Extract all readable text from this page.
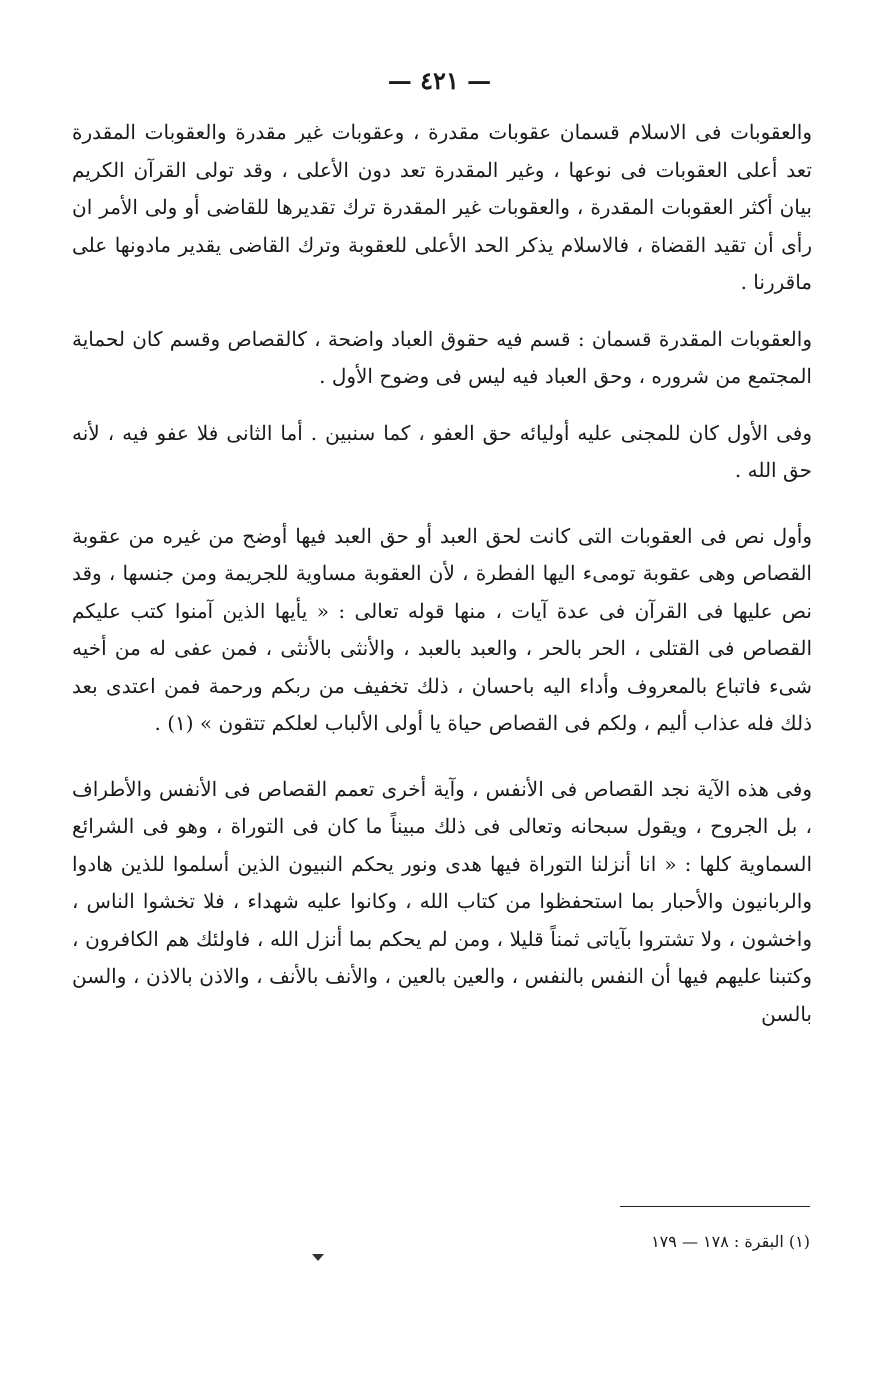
— ٤٢١ —

والعقوبات فى الاسلام قسمان عقوبات مقدرة ، وعقوبات غير مقدرة والعقوبات المقدرة تعد أعلى العقوبات فى نوعها ، وغير المقدرة تعد دون الأعلى ، وقد تولى القرآن الكريم بيان أكثر العقوبات المقدرة ، والعقوبات غير المقدرة ترك تقديرها للقاضى أو ولى الأمر ان رأى أن تقيد القضاة ، فالاسلام يذكر الحد الأعلى للعقوبة وترك القاضى يقدير مادونها على ماقررنا .

والعقوبات المقدرة قسمان : قسم فيه حقوق العباد واضحة ، كالقصاص وقسم كان لحماية المجتمع من شروره ، وحق العباد فيه ليس فى وضوح الأول .

وفى الأول كان للمجنى عليه أوليائه حق العفو ، كما سنبين . أما الثانى فلا عفو فيه ، لأنه حق الله .

وأول نص فى العقوبات التى كانت لحق العبد أو حق العبد فيها أوضح من غيره من عقوبة القصاص وهى عقوبة تومىء اليها الفطرة ، لأن العقوبة مساوية للجريمة ومن جنسها ، وقد نص عليها فى القرآن فى عدة آيات ، منها قوله تعالى : « يأيها الذين آمنوا كتب عليكم القصاص فى القتلى ، الحر بالحر ، والعبد بالعبد ، والأنثى بالأنثى ، فمن عفى له من أخيه شىء فاتباع بالمعروف وأداء اليه باحسان ، ذلك تخفيف من ربكم ورحمة فمن اعتدى بعد ذلك فله عذاب أليم ، ولكم فى القصاص حياة يا أولى الألباب لعلكم تتقون » (١) .

وفى هذه الآية نجد القصاص فى الأنفس ، وآية أخرى تعمم القصاص فى الأنفس والأطراف ، بل الجروح ، ويقول سبحانه وتعالى فى ذلك مبيناً ما كان فى التوراة ، وهو فى الشرائع السماوية كلها : « انا أنزلنا التوراة فيها هدى ونور يحكم النبيون الذين أسلموا للذين هادوا والربانيون والأحبار بما استحفظوا من كتاب الله ، وكانوا عليه شهداء ، فلا تخشوا الناس ، واخشون ، ولا تشتروا بآياتى ثمناً قليلا ، ومن لم يحكم بما أنزل الله ، فاولئك هم الكافرون ، وكتبنا عليهم فيها أن النفس بالنفس ، والعين بالعين ، والأنف بالأنف ، والاذن بالاذن ، والسن بالسن

(١) البقرة : ١٧٨ — ١٧٩
